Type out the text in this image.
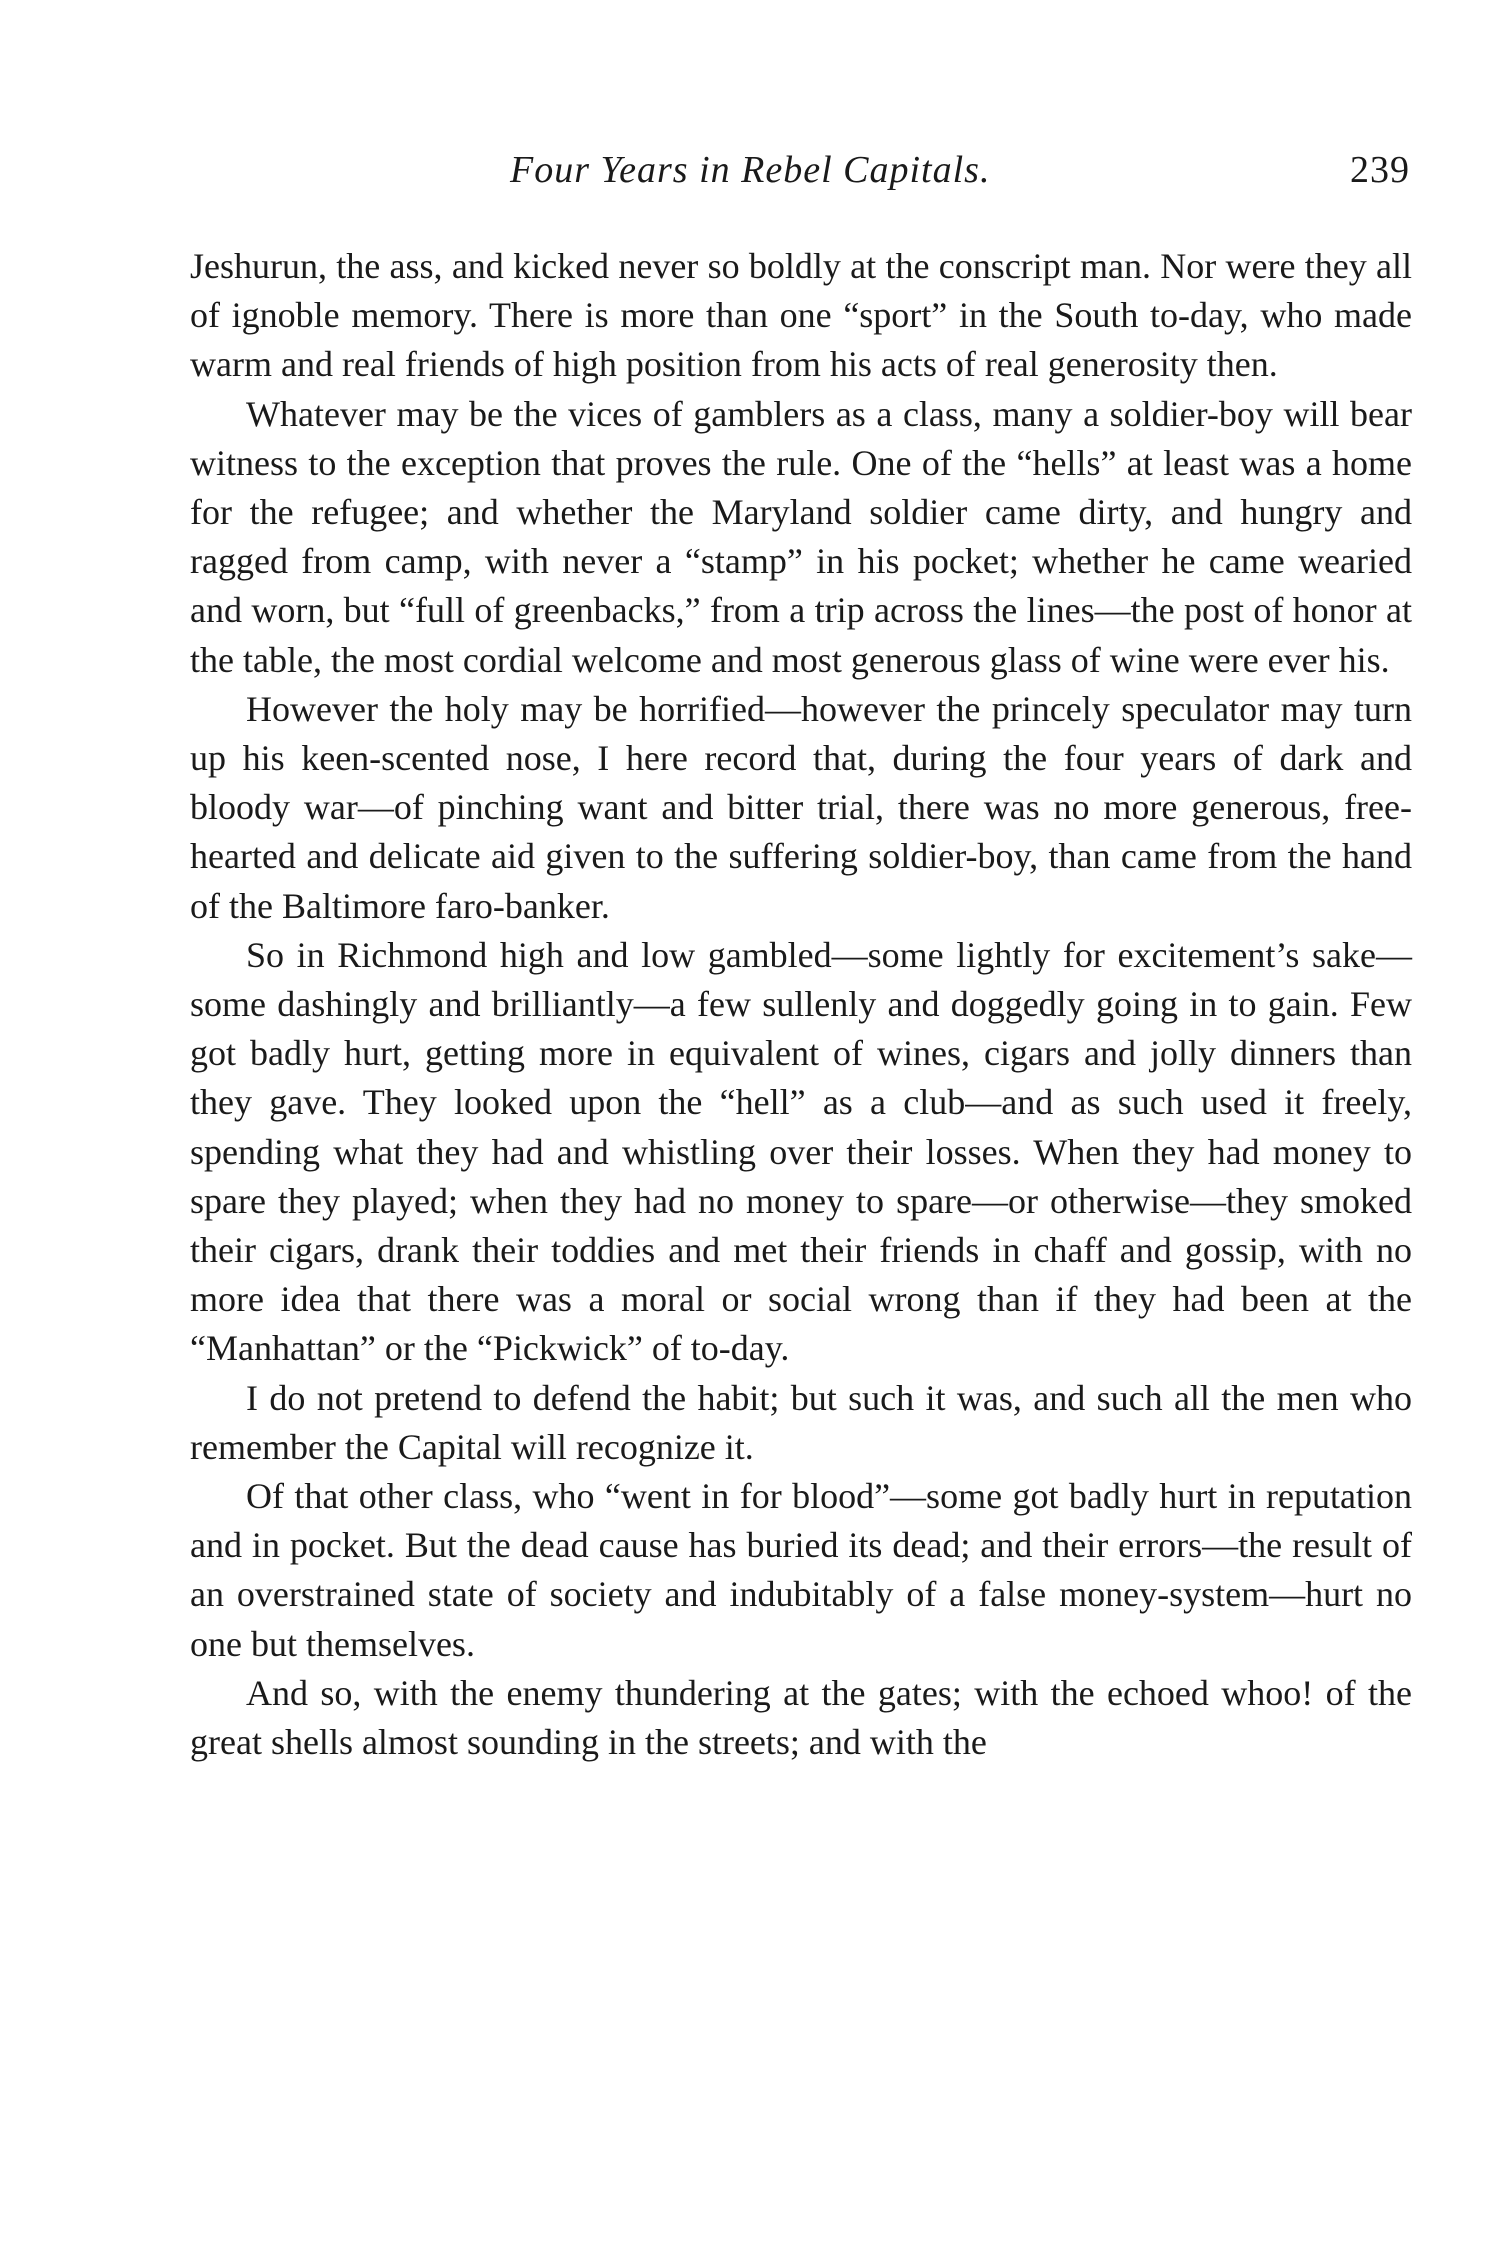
Four Years in Rebel Capitals.	239

Jeshurun, the ass, and kicked never so boldly at the conscript man. Nor were they all of ignoble memory. There is more than one “sport” in the South to-day, who made warm and real friends of high position from his acts of real generosity then.

Whatever may be the vices of gamblers as a class, many a soldier-boy will bear witness to the exception that proves the rule. One of the “hells” at least was a home for the refugee; and whether the Maryland soldier came dirty, and hungry and ragged from camp, with never a “stamp” in his pocket; whether he came wearied and worn, but “full of greenbacks,” from a trip across the lines—the post of honor at the table, the most cordial welcome and most generous glass of wine were ever his.

However the holy may be horrified—however the princely speculator may turn up his keen-scented nose, I here record that, during the four years of dark and bloody war—of pinching want and bitter trial, there was no more generous, free-hearted and delicate aid given to the suffering soldier-boy, than came from the hand of the Baltimore faro-banker.

So in Richmond high and low gambled—some lightly for excitement’s sake—some dashingly and brilliantly—a few sullenly and doggedly going in to gain. Few got badly hurt, getting more in equivalent of wines, cigars and jolly dinners than they gave. They looked upon the “hell” as a club—and as such used it freely, spending what they had and whistling over their losses. When they had money to spare they played; when they had no money to spare—or otherwise—they smoked their cigars, drank their toddies and met their friends in chaff and gossip, with no more idea that there was a moral or social wrong than if they had been at the “Manhattan” or the “Pickwick” of to-day.

I do not pretend to defend the habit; but such it was, and such all the men who remember the Capital will recognize it.

Of that other class, who “went in for blood”—some got badly hurt in reputation and in pocket. But the dead cause has buried its dead; and their errors—the result of an overstrained state of society and indubitably of a false money-system—hurt no one but themselves.

And so, with the enemy thundering at the gates; with the echoed whoo! of the great shells almost sounding in the streets; and with the
